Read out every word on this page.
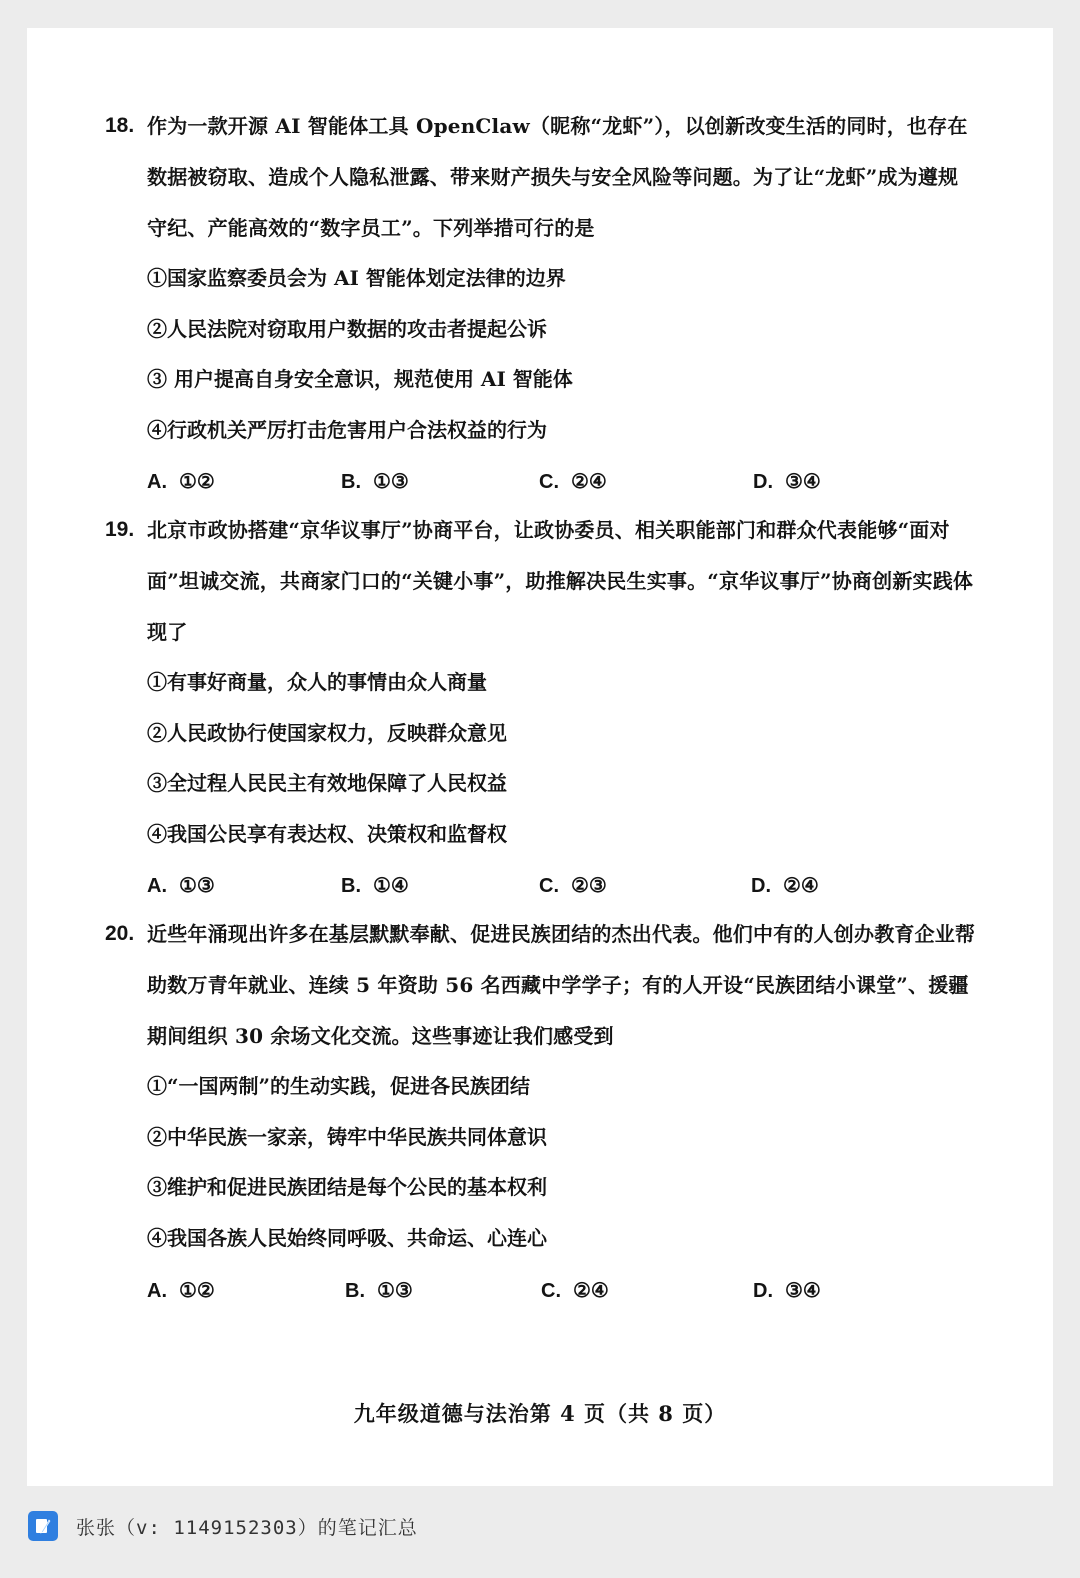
18. 作为一款开源 AI 智能体工具 OpenClaw（昵称“龙虾”），以创新改变生活的同时，也存在数据被窃取、造成个人隐私泄露、带来财产损失与安全风险等问题。为了让“龙虾”成为遵规守纪、产能高效的“数字员工”。下列举措可行的是

①国家监察委员会为 AI 智能体划定法律的边界
②人民法院对窃取用户数据的攻击者提起公诉
③ 用户提高自身安全意识，规范使用 AI 智能体
④行政机关严厉打击危害用户合法权益的行为
A. ①②	B. ①③	C. ②④	D. ③④
19. 北京市政协搭建“京华议事厅”协商平台，让政协委员、相关职能部门和群众代表能够“面对面”坦诚交流，共商家门口的“关键小事”，助推解决民生实事。“京华议事厅”协商创新实践体现了

①有事好商量，众人的事情由众人商量
②人民政协行使国家权力，反映群众意见
③全过程人民民主有效地保障了人民权益
④我国公民享有表达权、决策权和监督权
A. ①③	B. ①④	C. ②③	D. ②④
20. 近些年涌现出许多在基层默默奉献、促进民族团结的杰出代表。他们中有的人创办教育企业帮助数万青年就业、连续 5 年资助 56 名西藏中学学子；有的人开设“民族团结小课堂”、援疆期间组织 30 余场文化交流。这些事迹让我们感受到

①“一国两制”的生动实践，促进各民族团结
②中华民族一家亲，铸牢中华民族共同体意识
③维护和促进民族团结是每个公民的基本权利
④我国各族人民始终同呼吸、共命运、心连心
A. ①②	B. ①③	C. ②④	D. ③④
九年级道德与法治第 4 页（共 8 页）
张张（v: 1149152303）的笔记汇总
